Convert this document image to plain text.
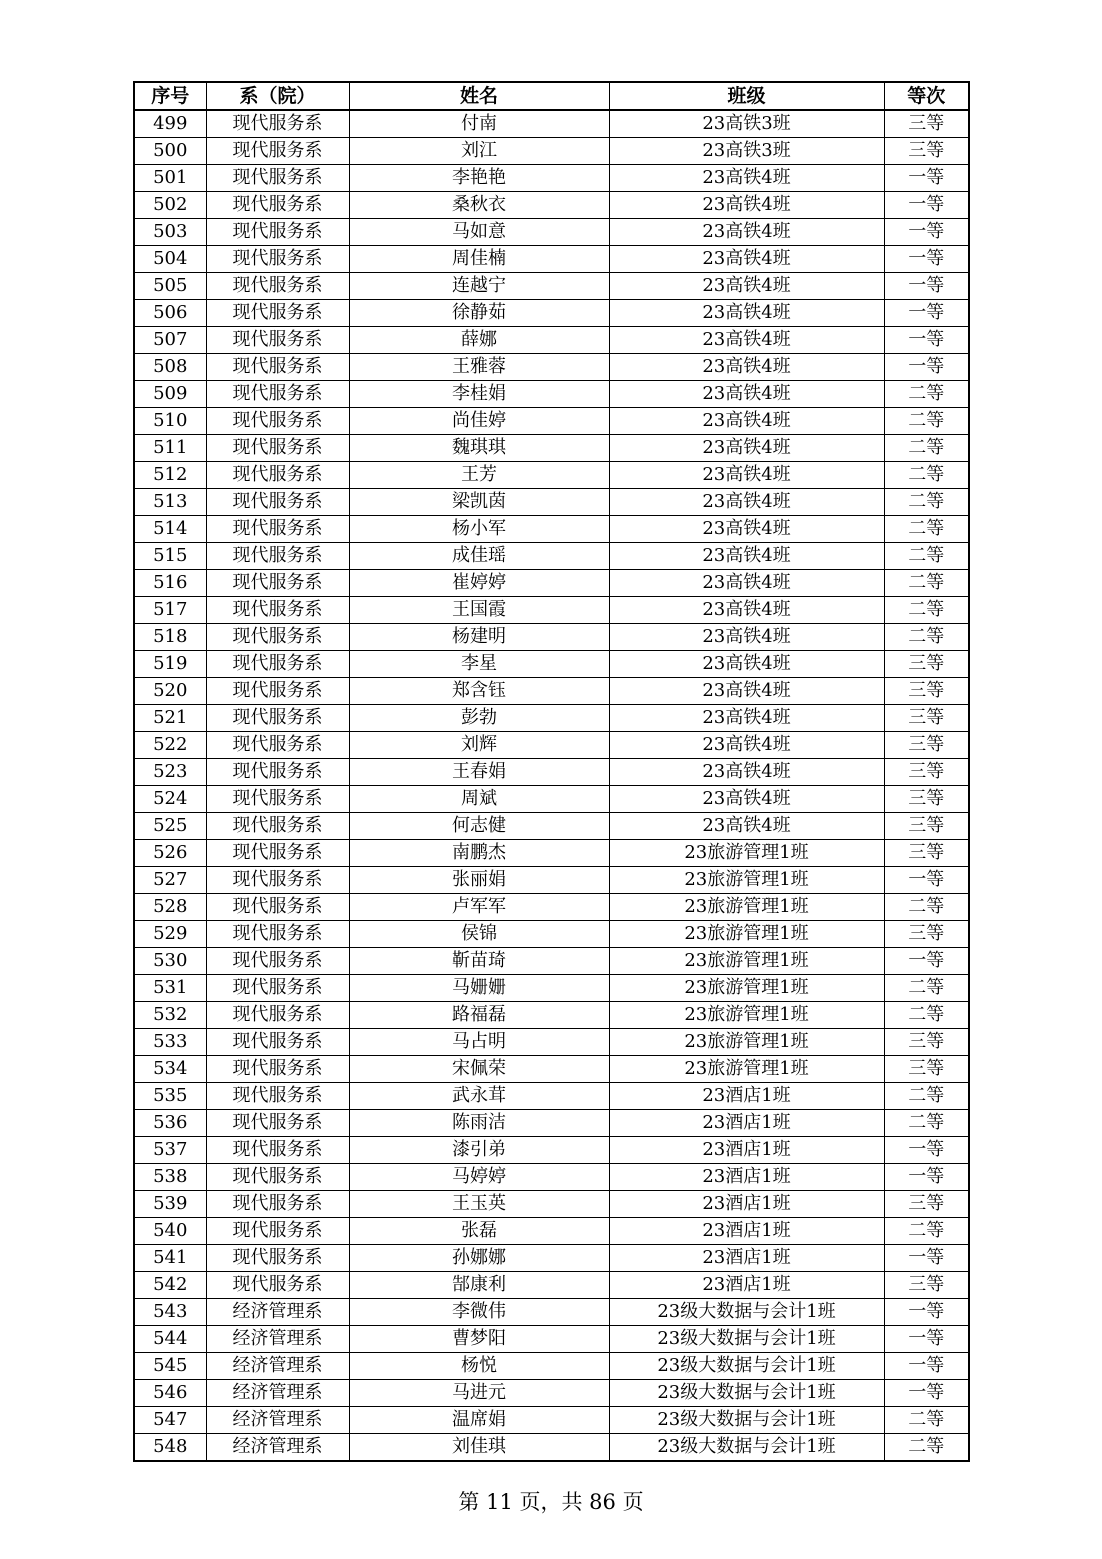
序号	系（院）	姓名	班级	等次
499	现代服务系	付南	23高铁3班	三等
500	现代服务系	刘江	23高铁3班	三等
501	现代服务系	李艳艳	23高铁4班	一等
502	现代服务系	桑秋衣	23高铁4班	一等
503	现代服务系	马如意	23高铁4班	一等
504	现代服务系	周佳楠	23高铁4班	一等
505	现代服务系	连越宁	23高铁4班	一等
506	现代服务系	徐静茹	23高铁4班	一等
507	现代服务系	薛娜	23高铁4班	一等
508	现代服务系	王雅蓉	23高铁4班	一等
509	现代服务系	李桂娟	23高铁4班	二等
510	现代服务系	尚佳婷	23高铁4班	二等
511	现代服务系	魏琪琪	23高铁4班	二等
512	现代服务系	王芳	23高铁4班	二等
513	现代服务系	梁凯茵	23高铁4班	二等
514	现代服务系	杨小军	23高铁4班	二等
515	现代服务系	成佳瑶	23高铁4班	二等
516	现代服务系	崔婷婷	23高铁4班	二等
517	现代服务系	王国霞	23高铁4班	二等
518	现代服务系	杨建明	23高铁4班	二等
519	现代服务系	李星	23高铁4班	三等
520	现代服务系	郑含钰	23高铁4班	三等
521	现代服务系	彭勃	23高铁4班	三等
522	现代服务系	刘辉	23高铁4班	三等
523	现代服务系	王春娟	23高铁4班	三等
524	现代服务系	周斌	23高铁4班	三等
525	现代服务系	何志健	23高铁4班	三等
526	现代服务系	南鹏杰	23旅游管理1班	三等
527	现代服务系	张丽娟	23旅游管理1班	一等
528	现代服务系	卢军军	23旅游管理1班	二等
529	现代服务系	侯锦	23旅游管理1班	三等
530	现代服务系	靳苗琦	23旅游管理1班	一等
531	现代服务系	马姗姗	23旅游管理1班	二等
532	现代服务系	路福磊	23旅游管理1班	二等
533	现代服务系	马占明	23旅游管理1班	三等
534	现代服务系	宋佩荣	23旅游管理1班	三等
535	现代服务系	武永茸	23酒店1班	二等
536	现代服务系	陈雨洁	23酒店1班	二等
537	现代服务系	漆引弟	23酒店1班	一等
538	现代服务系	马婷婷	23酒店1班	一等
539	现代服务系	王玉英	23酒店1班	三等
540	现代服务系	张磊	23酒店1班	二等
541	现代服务系	孙娜娜	23酒店1班	一等
542	现代服务系	郜康利	23酒店1班	三等
543	经济管理系	李微伟	23级大数据与会计1班	一等
544	经济管理系	曹梦阳	23级大数据与会计1班	一等
545	经济管理系	杨悦	23级大数据与会计1班	一等
546	经济管理系	马进元	23级大数据与会计1班	一等
547	经济管理系	温席娟	23级大数据与会计1班	二等
548	经济管理系	刘佳琪	23级大数据与会计1班	二等
第 11 页，共 86 页
